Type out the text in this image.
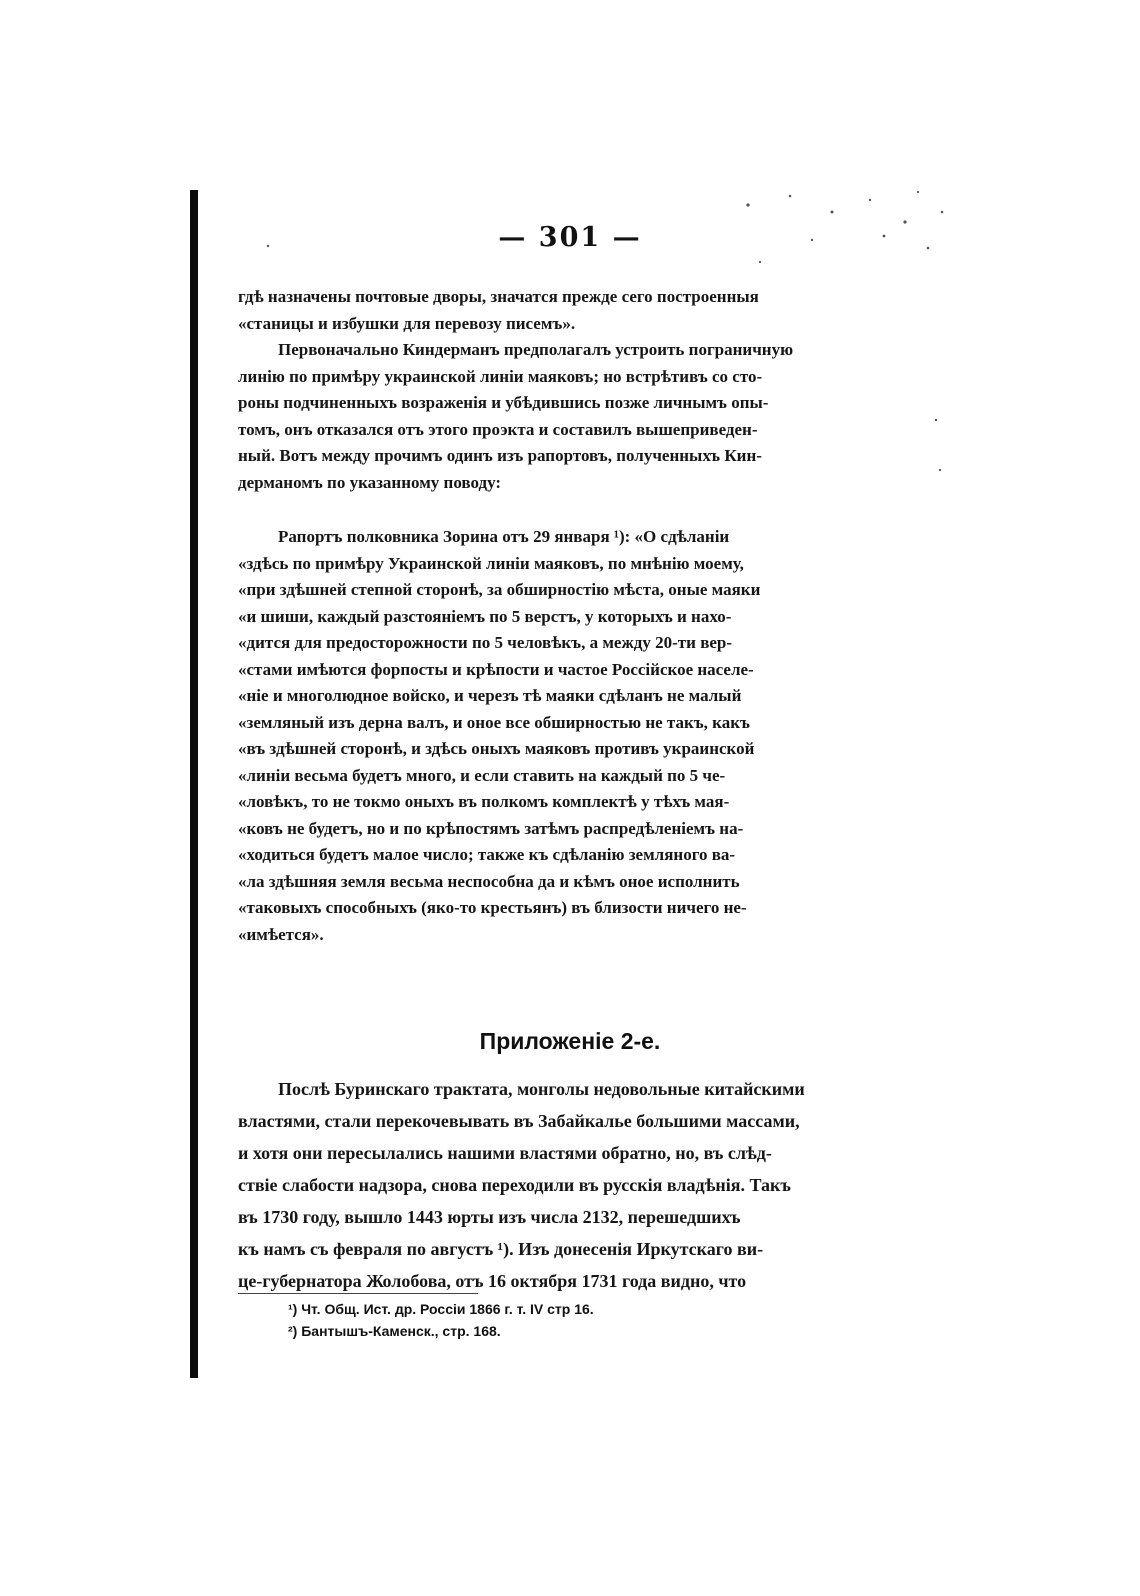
— 301 —
гдѣ назначены почтовые дворы, значатся прежде сего построенныя
«станицы и избушки для перевозу писемъ».
Первоначально Киндерманъ предполагалъ устроить пограничную
линію по примѣру украинской линіи маяковъ; но встрѣтивъ со сто-
роны подчиненныхъ возраженія и убѣдившись позже личнымъ опы-
томъ, онъ отказался отъ этого проэкта и составилъ вышеприведен-
ный. Вотъ между прочимъ одинъ изъ рапортовъ, полученныхъ Кин-
дерманомъ по указанному поводу:
Рапортъ полковника Зорина отъ 29 января ¹): «О сдѣланіи
«здѣсь по примѣру Украинской линіи маяковъ, по мнѣнію моему,
«при здѣшней степной сторонѣ, за обширностію мѣста, оные маяки
«и шиши, каждый разстояніемъ по 5 верстъ, у которыхъ и нахо-
«дится для предосторожности по 5 человѣкъ, а между 20-ти вер-
«стами имѣются форпосты и крѣпости и частое Россійское населе-
«ніе и многолюдное войско, и черезъ тѣ маяки сдѣланъ не малый
«земляный изъ дерна валъ, и оное все обширностью не такъ, какъ
«въ здѣшней сторонѣ, и здѣсь оныхъ маяковъ противъ украинской
«линіи весьма будетъ много, и если ставить на каждый по 5 че-
«ловѣкъ, то не токмо оныхъ въ полкомъ комплектѣ у тѣхъ мая-
«ковъ не будетъ, но и по крѣпостямъ затѣмъ распредѣленіемъ на-
«ходиться будетъ малое число; также къ сдѣланію земляного ва-
«ла здѣшняя земля весьма неспособна да и кѣмъ оное исполнить
«таковыхъ способныхъ (яко-то крестьянъ) въ близости ничего не-
«имѣется».
Приложеніе 2-е.
Послѣ Буринскаго трактата, монголы недовольные китайскими
властями, стали перекочевывать въ Забайкалье большими массами,
и хотя они пересылались нашими властями обратно, но, въ слѣд-
ствіе слабости надзора, снова переходили въ русскія владѣнія. Такъ
въ 1730 году, вышло 1443 юрты изъ числа 2132, перешедшихъ
къ намъ съ февраля по августъ ¹). Изъ донесенія Иркутскаго ви-
це-губернатора Жолобова, отъ 16 октября 1731 года видно, что
¹) Чт. Общ. Ист. др. Россіи 1866 г. т. IV стр 16.
²) Бантышъ-Каменск., стр. 168.
